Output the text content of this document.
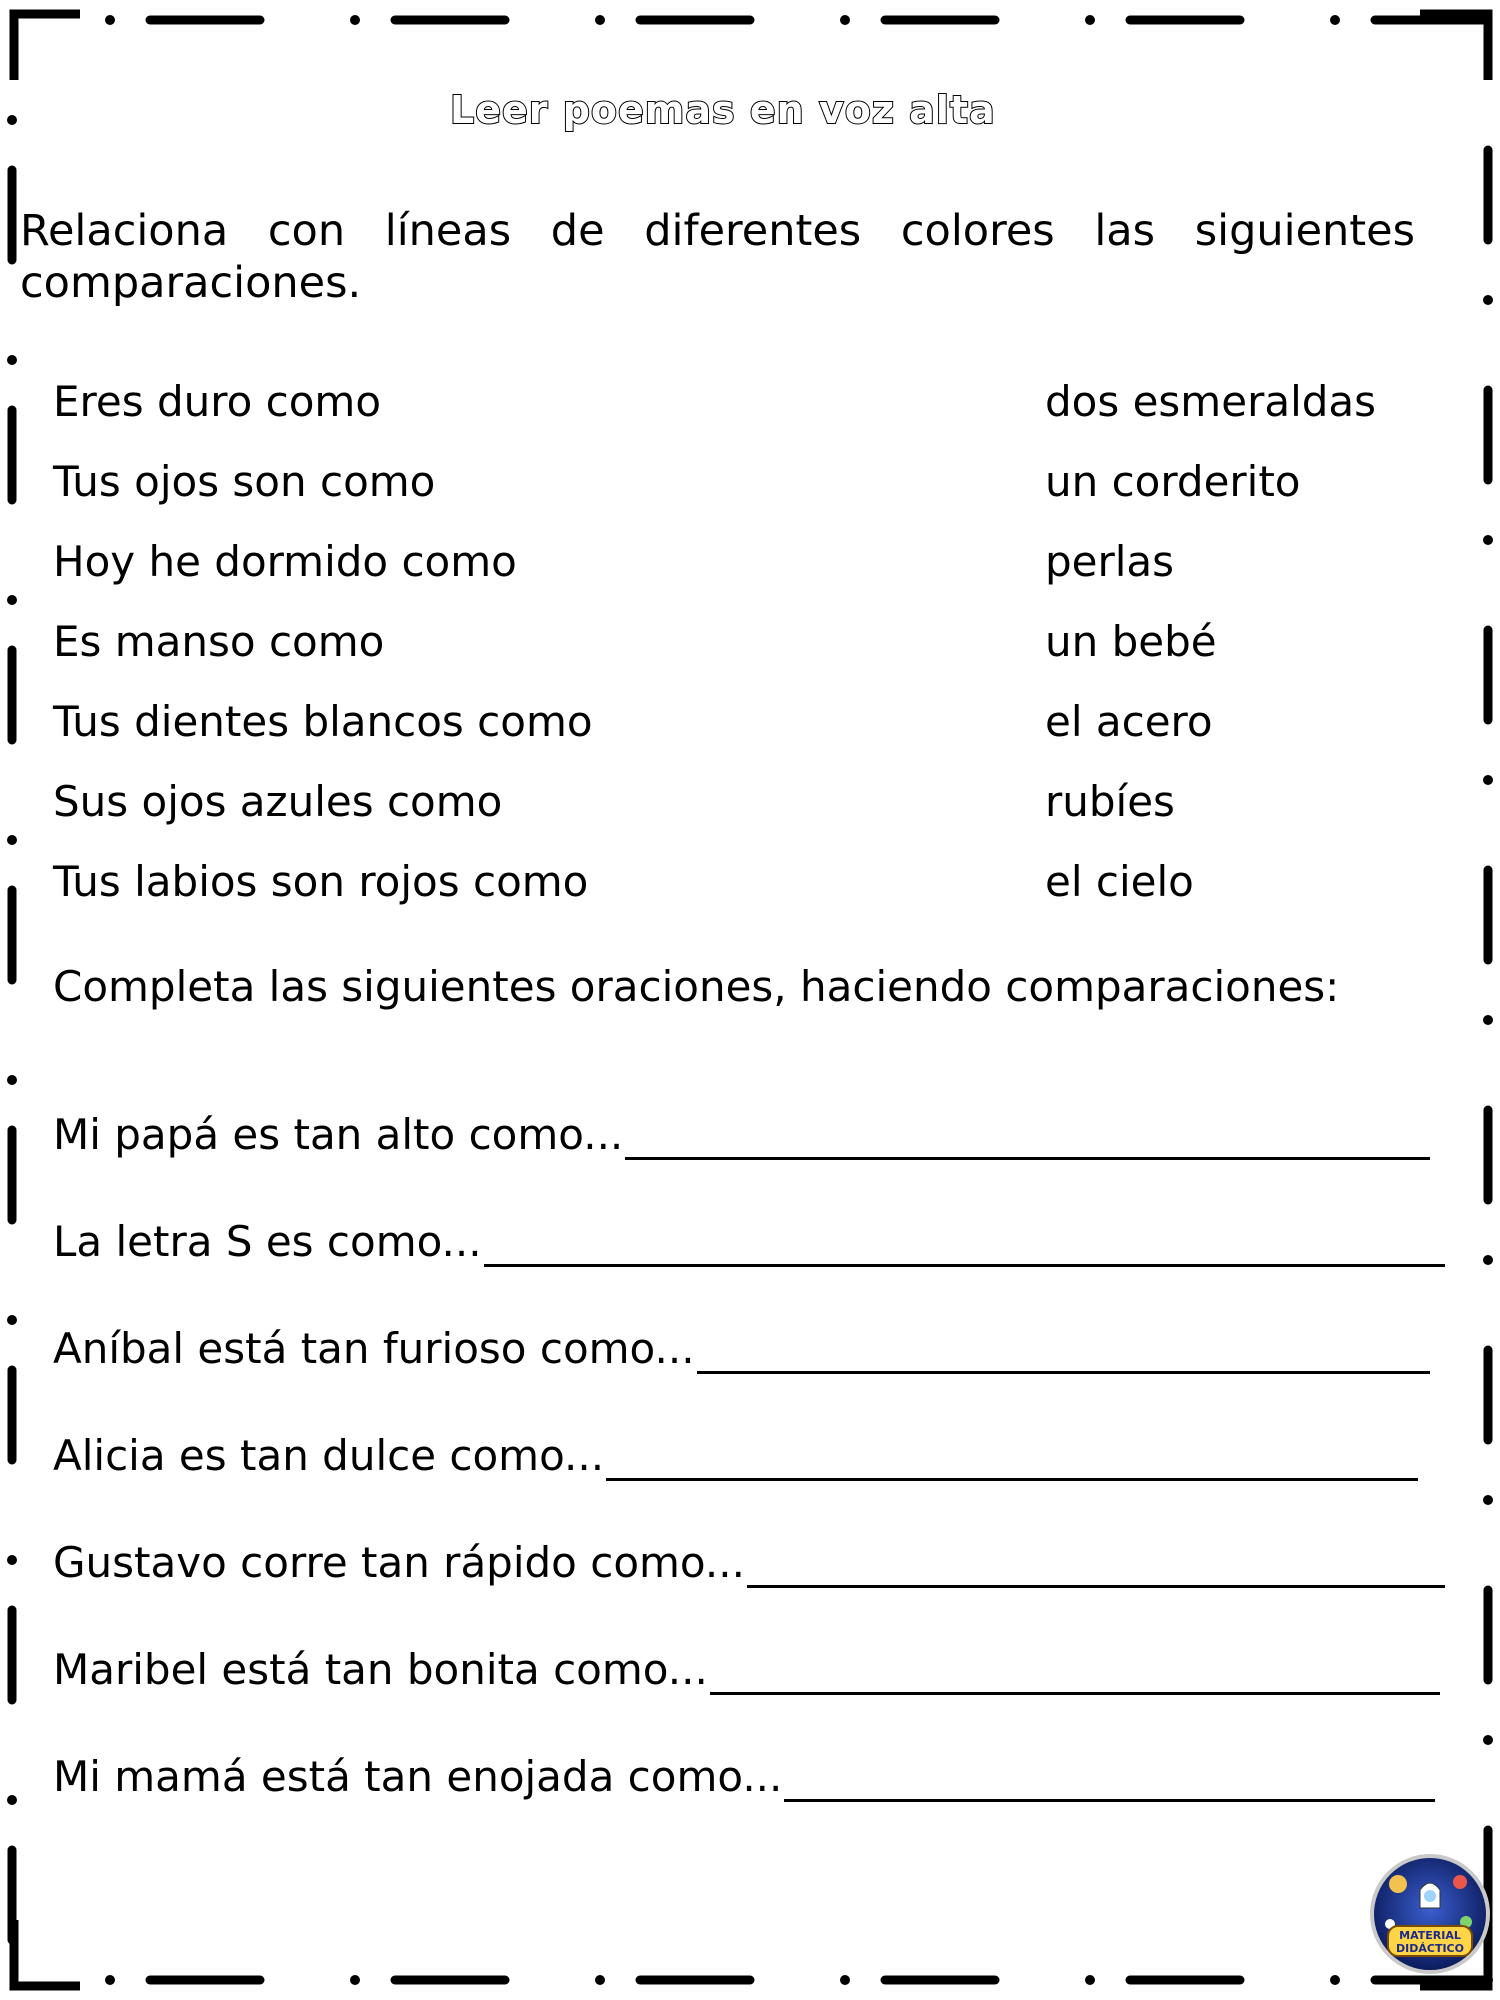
Leer poemas en voz alta
Relaciona con líneas de diferentes colores las siguientes
comparaciones.
Eres duro como	dos esmeraldas
Tus ojos son como	un corderito
Hoy he dormido como	perlas
Es manso como	un bebé
Tus dientes blancos como	el acero
Sus ojos azules como	rubíes
Tus labios son rojos como	el cielo
Completa las siguientes oraciones, haciendo comparaciones:
Mi papá es tan alto como...
La letra S es como...
Aníbal está tan furioso como...
Alicia es tan dulce como...
Gustavo corre tan rápido como...
Maribel está tan bonita como...
Mi mamá está tan enojada como...
MATERIAL
DIDÁCTICO
